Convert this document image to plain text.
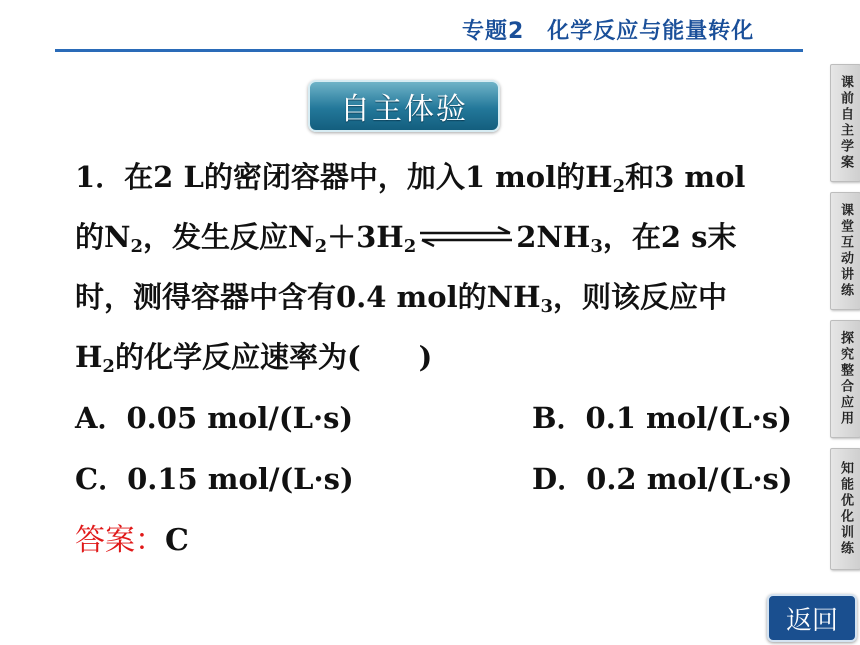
专题2　化学反应与能量转化
自主体验
1．在2 L的密闭容器中，加入1 mol的$H_2$和3 mol
的$N_2$，发生反应$N_2+3H_2\rightleftharpoons 2NH_3$，在2 s末
时，测得容器中含有0.4 mol的$NH_3$，则该反应中
$H_2$的化学反应速率为(　　)
A．0.05 mol/(L·s)	B．0.1 mol/(L·s)
C．0.15 mol/(L·s)	D．0.2 mol/(L·s)
答案：C
课前自主学案
课堂互动讲练
探究整合应用
知能优化训练
返回
